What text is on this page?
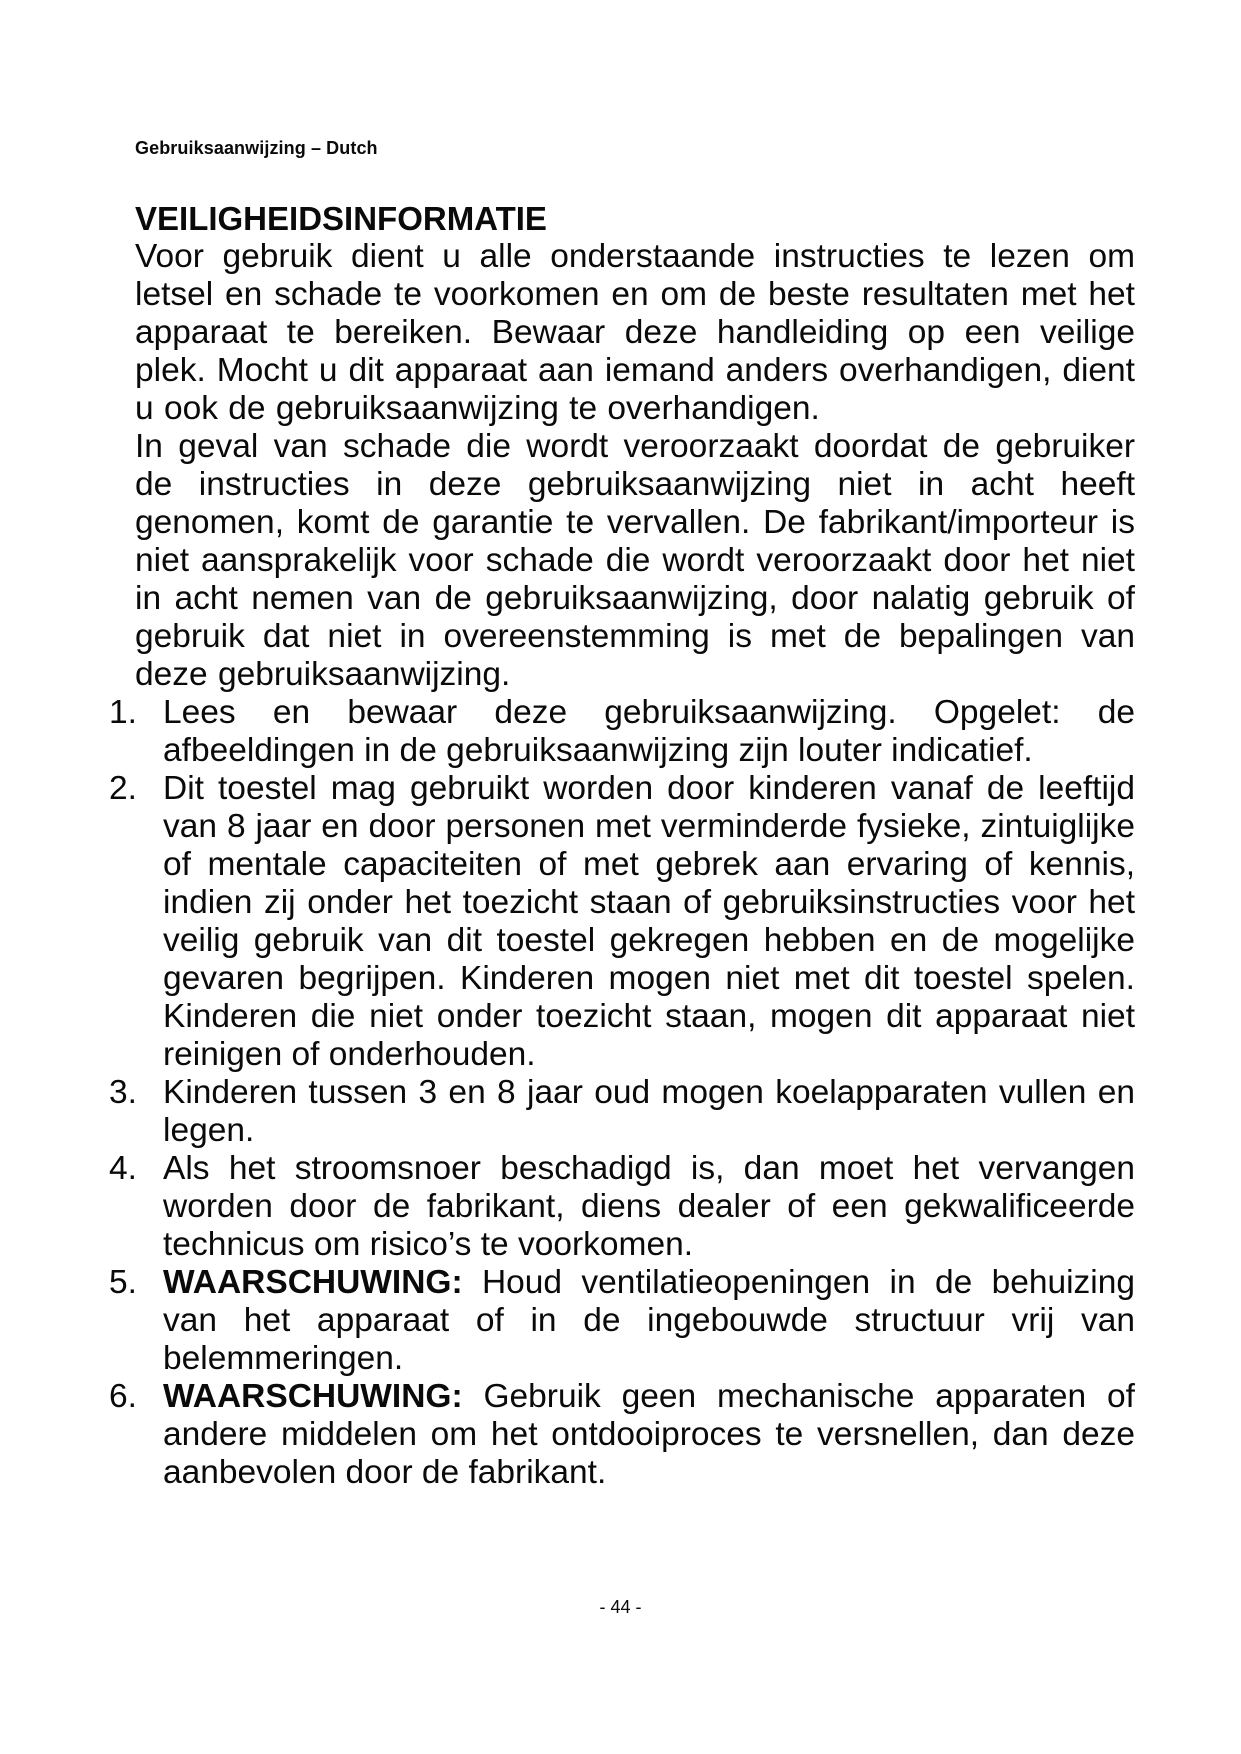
Gebruiksaanwijzing – Dutch
VEILIGHEIDSINFORMATIE

Voor gebruik dient u alle onderstaande instructies te lezen om letsel en schade te voorkomen en om de beste resultaten met het apparaat te bereiken. Bewaar deze handleiding op een veilige plek. Mocht u dit apparaat aan iemand anders overhandigen, dient u ook de gebruiksaanwijzing te overhandigen.

In geval van schade die wordt veroorzaakt doordat de gebruiker de instructies in deze gebruiksaanwijzing niet in acht heeft genomen, komt de garantie te vervallen. De fabrikant/importeur is niet aansprakelijk voor schade die wordt veroorzaakt door het niet in acht nemen van de gebruiksaanwijzing, door nalatig gebruik of gebruik dat niet in overeenstemming is met de bepalingen van deze gebruiksaanwijzing.

1. Lees en bewaar deze gebruiksaanwijzing. Opgelet: de afbeeldingen in de gebruiksaanwijzing zijn louter indicatief.
2. Dit toestel mag gebruikt worden door kinderen vanaf de leeftijd van 8 jaar en door personen met verminderde fysieke, zintuiglijke of mentale capaciteiten of met gebrek aan ervaring of kennis, indien zij onder het toezicht staan of gebruiksinstructies voor het veilig gebruik van dit toestel gekregen hebben en de mogelijke gevaren begrijpen. Kinderen mogen niet met dit toestel spelen. Kinderen die niet onder toezicht staan, mogen dit apparaat niet reinigen of onderhouden.
3. Kinderen tussen 3 en 8 jaar oud mogen koelapparaten vullen en legen.
4. Als het stroomsnoer beschadigd is, dan moet het vervangen worden door de fabrikant, diens dealer of een gekwalificeerde technicus om risico’s te voorkomen.
5. WAARSCHUWING: Houd ventilatieopeningen in de behuizing van het apparaat of in de ingebouwde structuur vrij van belemmeringen.
6. WAARSCHUWING: Gebruik geen mechanische apparaten of andere middelen om het ontdooiproces te versnellen, dan deze aanbevolen door de fabrikant.
- 44 -
